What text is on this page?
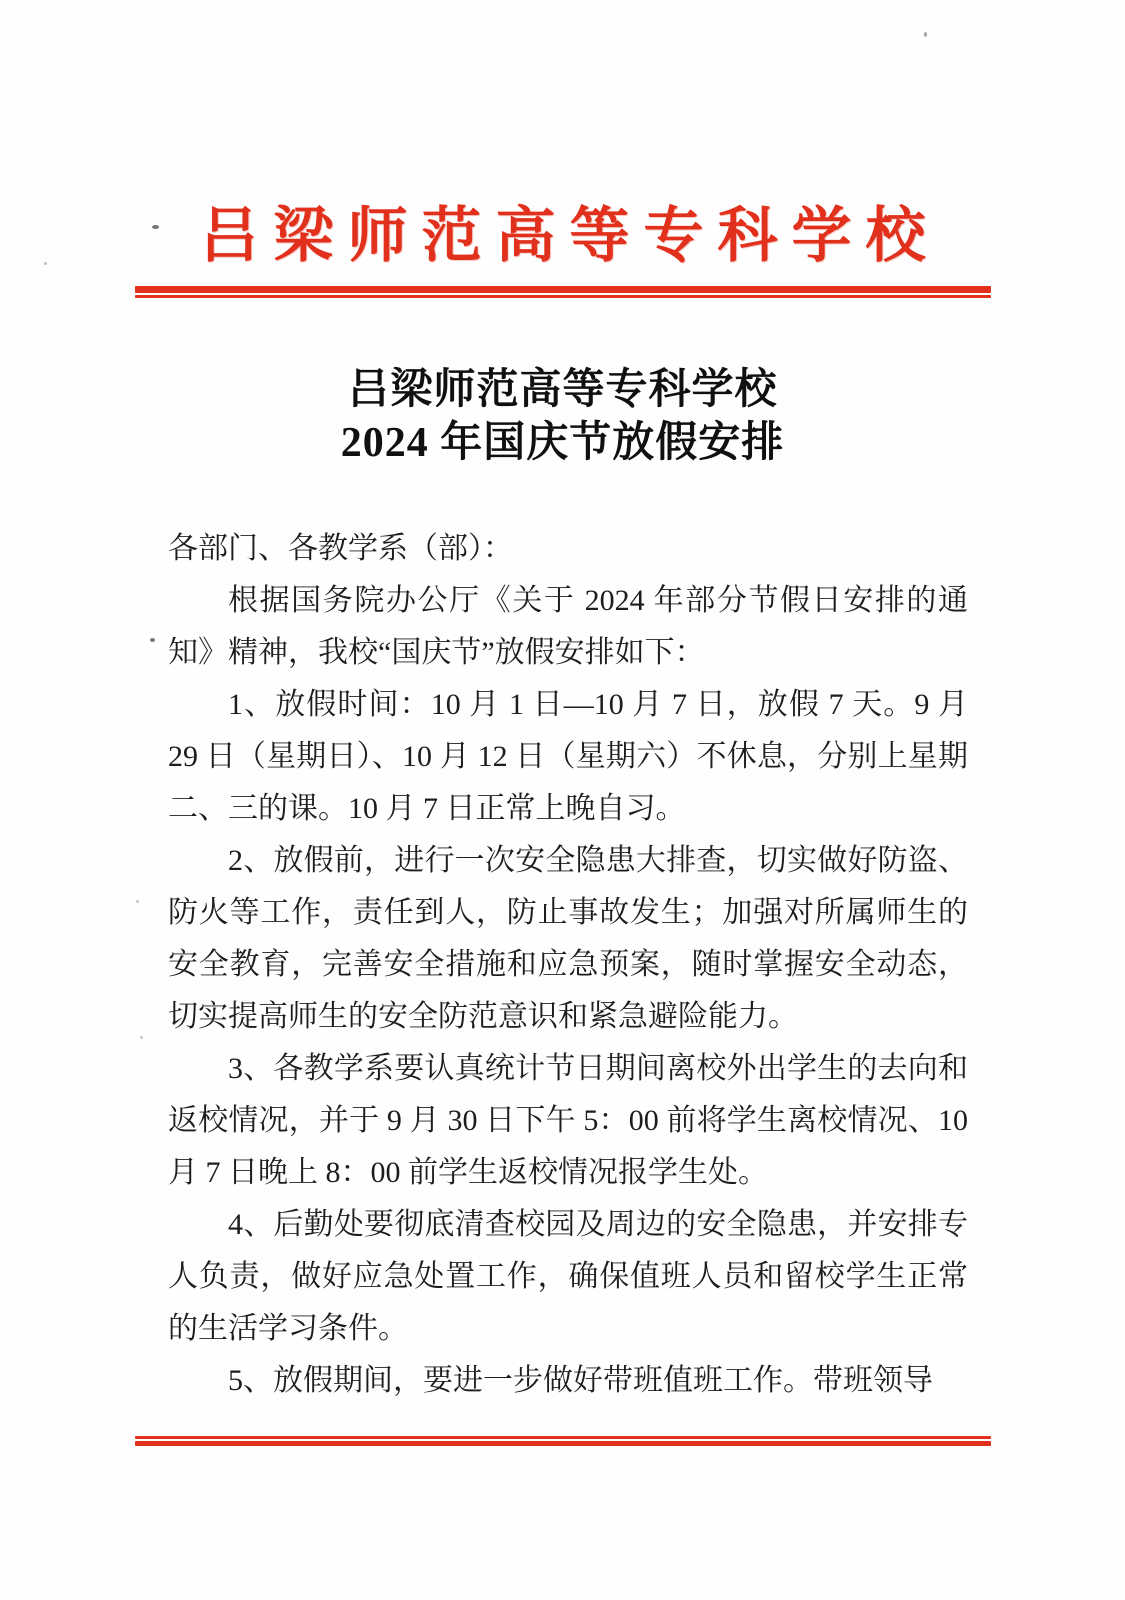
吕梁师范高等专科学校
吕梁师范高等专科学校
2024 年国庆节放假安排

各部门、各教学系（部）：

根据国务院办公厅《关于 2024 年部分节假日安排的通知》精神，我校“国庆节”放假安排如下：

1、放假时间：10 月 1 日—10 月 7 日，放假 7 天。9 月 29 日（星期日）、10 月 12 日（星期六）不休息，分别上星期二、三的课。10 月 7 日正常上晚自习。

2、放假前，进行一次安全隐患大排查，切实做好防盗、防火等工作，责任到人，防止事故发生；加强对所属师生的安全教育，完善安全措施和应急预案，随时掌握安全动态，切实提高师生的安全防范意识和紧急避险能力。

3、各教学系要认真统计节日期间离校外出学生的去向和返校情况，并于 9 月 30 日下午 5：00 前将学生离校情况、10 月 7 日晚上 8：00 前学生返校情况报学生处。

4、后勤处要彻底清查校园及周边的安全隐患，并安排专人负责，做好应急处置工作，确保值班人员和留校学生正常的生活学习条件。

5、放假期间，要进一步做好带班值班工作。带班领导
